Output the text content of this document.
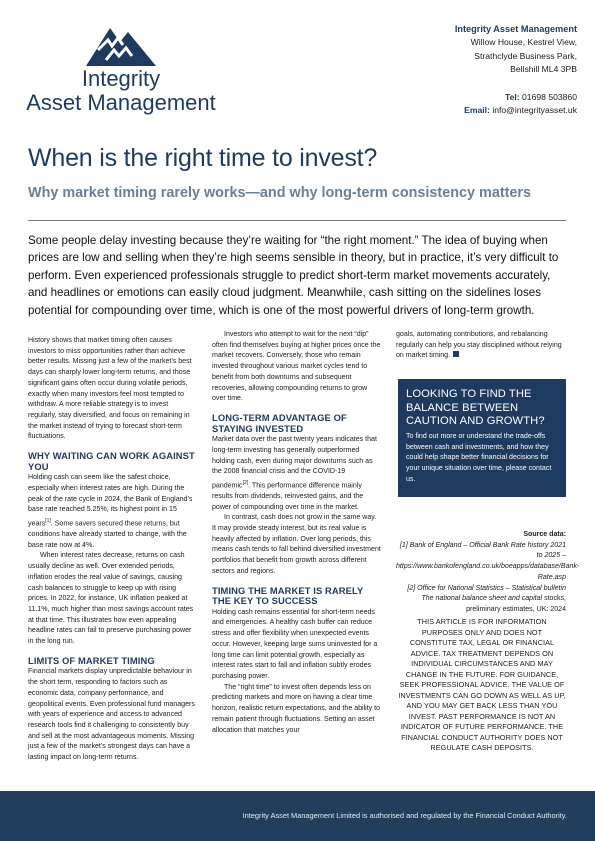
Integrity
Asset Management
Integrity Asset Management
Willow House, Kestrel View,
Strathclyde Business Park,
Bellshill ML4 3PB
Tel: 01698 503860
Email: info@integrityasset.uk
When is the right time to invest?
Why market timing rarely works—and why long-term consistency matters

Some people delay investing because they’re waiting for “the right moment.” The idea of buying when prices are low and selling when they’re high seems sensible in theory, but in practice, it’s very difficult to perform. Even experienced professionals struggle to predict short-term market movements accurately, and headlines or emotions can easily cloud judgment. Meanwhile, cash sitting on the sidelines loses potential for compounding over time, which is one of the most powerful drivers of long-term growth.

History shows that market timing often causes investors to miss opportunities rather than achieve better results. Missing just a few of the market’s best days can sharply lower long-term returns, and those significant gains often occur during volatile periods, exactly when many investors feel most tempted to withdraw. A more reliable strategy is to invest regularly, stay diversified, and focus on remaining in the market instead of trying to forecast short-term fluctuations.

WHY WAITING CAN WORK AGAINST YOU

Holding cash can seem like the safest choice, especially when interest rates are high. During the peak of the rate cycle in 2024, the Bank of England’s base rate reached 5.25%, its highest point in 15 years[1]. Some savers secured these returns, but conditions have already started to change, with the base rate now at 4%.

When interest rates decrease, returns on cash usually decline as well. Over extended periods, inflation erodes the real value of savings, causing cash balances to struggle to keep up with rising prices. In 2022, for instance, UK inflation peaked at 11.1%, much higher than most savings account rates at that time. This illustrates how even appealing headline rates can fail to preserve purchasing power in the long run.

LIMITS OF MARKET TIMING

Financial markets display unpredictable behaviour in the short term, responding to factors such as economic data, company performance, and geopolitical events. Even professional fund managers with years of experience and access to advanced research tools find it challenging to consistently buy and sell at the most advantageous moments. Missing just a few of the market’s strongest days can have a lasting impact on long-term returns.

Investors who attempt to wait for the next “dip” often find themselves buying at higher prices once the market recovers. Conversely, those who remain invested throughout various market cycles tend to benefit from both downturns and subsequent recoveries, allowing compounding returns to grow over time.

LONG-TERM ADVANTAGE OF STAYING INVESTED

Market data over the past twenty years indicates that long-term investing has generally outperformed holding cash, even during major downturns such as the 2008 financial crisis and the COVID-19 pandemic[2]. This performance difference mainly results from dividends, reinvested gains, and the power of compounding over time in the market.

In contrast, cash does not grow in the same way. It may provide steady interest, but its real value is heavily affected by inflation. Over long periods, this means cash tends to fall behind diversified investment portfolios that benefit from growth across different sectors and regions.

TIMING THE MARKET IS RARELY THE KEY TO SUCCESS

Holding cash remains essential for short-term needs and emergencies. A healthy cash buffer can reduce stress and offer flexibility when unexpected events occur. However, keeping large sums uninvested for a long time can limit potential growth, especially as interest rates start to fall and inflation subtly erodes purchasing power.

The “right time” to invest often depends less on predicting markets and more on having a clear time horizon, realistic return expectations, and the ability to remain patient through fluctuations. Setting an asset allocation that matches your

goals, automating contributions, and rebalancing regularly can help you stay disciplined without relying on market timing.

LOOKING TO FIND THE BALANCE BETWEEN CAUTION AND GROWTH?
To find out more or understand the trade-offs between cash and investments, and how they could help shape better financial decisions for your unique situation over time, please contact us.
Source data:
[1] Bank of England – Official Bank Rate history 2021 to 2025 – https://www.bankofengland.co.uk/boeapps/database/Bank-Rate.asp
[2] Office for National Statistics – Statistical bulletin The national balance sheet and capital stocks, preliminary estimates, UK: 2024
THIS ARTICLE IS FOR INFORMATION PURPOSES ONLY AND DOES NOT CONSTITUTE TAX, LEGAL OR FINANCIAL ADVICE. TAX TREATMENT DEPENDS ON INDIVIDUAL CIRCUMSTANCES AND MAY CHANGE IN THE FUTURE. FOR GUIDANCE, SEEK PROFESSIONAL ADVICE. THE VALUE OF INVESTMENTS CAN GO DOWN AS WELL AS UP, AND YOU MAY GET BACK LESS THAN YOU INVEST. PAST PERFORMANCE IS NOT AN INDICATOR OF FUTURE PERFORMANCE. THE FINANCIAL CONDUCT AUTHORITY DOES NOT REGULATE CASH DEPOSITS.
Integrity Asset Management Limited is authorised and regulated by the Financial Conduct Authority.
